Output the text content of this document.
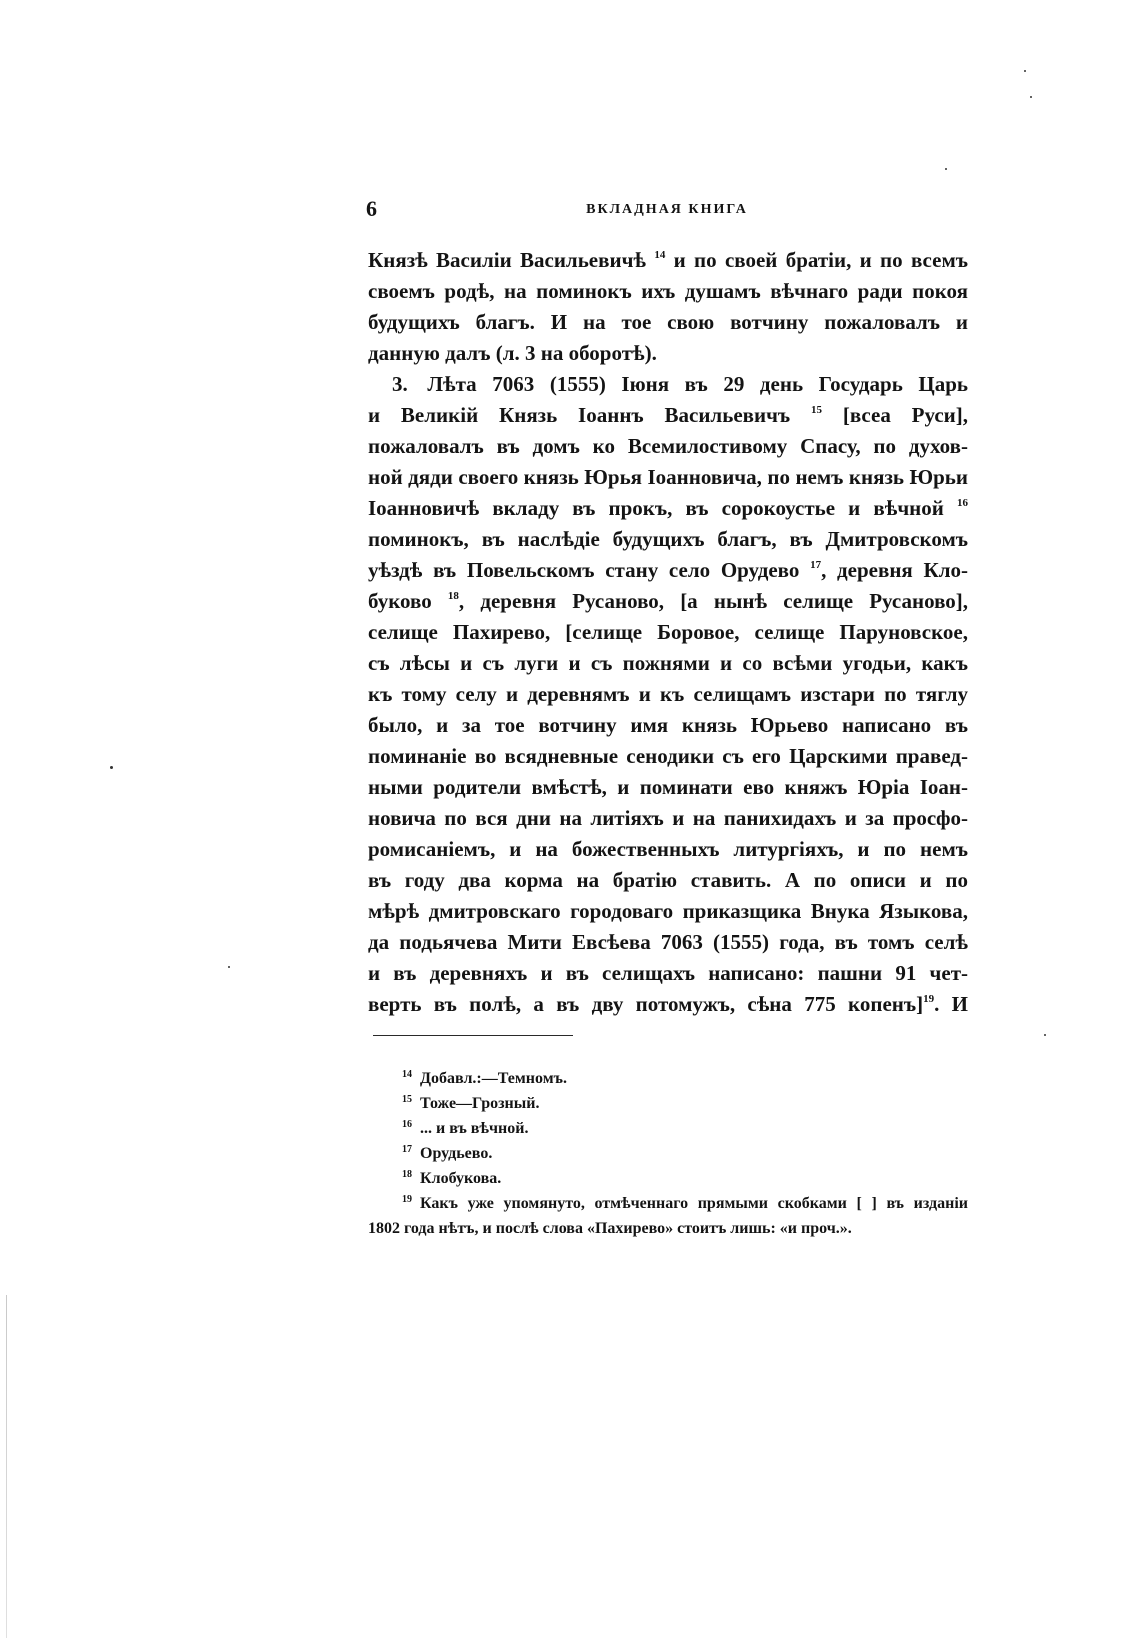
6	ВКЛАДНАЯ КНИГА
Князѣ Василіи Васильевичѣ $^{14}$ и по своей братіи, и по всемъ
своемъ родѣ, на поминокъ ихъ душамъ вѣчнаго ради покоя
будущихъ благъ. И на тое свою вотчину пожаловалъ и
данную далъ (л. 3 на оборотѣ).
3. Лѣта 7063 (1555) Іюня въ 29 день Государь Царь
и Великій Князь Іоаннъ Васильевичъ $^{15}$ [всеа Руси],
пожаловалъ въ домъ ко Всемилостивому Спасу, по духов-
ной дяди своего князь Юрья Іоанновича, по немъ князь Юрьи
Іоанновичѣ вкладу въ прокъ, въ сорокоустье и вѣчной $^{16}$
поминокъ, въ наслѣдіе будущихъ благъ, въ Дмитровскомъ
уѣздѣ въ Повельскомъ стану село Орудево $^{17}$, деревня Кло-
буково $^{18}$, деревня Русаново, [а нынѣ селище Русаново],
селище Пахирево, [селище Боровое, селище Паруновское,
съ лѣсы и съ луги и съ пожнями и со всѣми угодьи, какъ
къ тому селу и деревнямъ и къ селищамъ изстари по тяглу
было, и за тое вотчину имя князь Юрьево написано въ
поминаніе во всядневные сенодики съ его Царскими правед-
ными родители вмѣстѣ, и поминати ево княжъ Юріа Іоан-
новича по вся дни на литіяхъ и на панихидахъ и за просфо-
ромисаніемъ, и на божественныхъ литургіяхъ, и по немъ
въ году два корма на братію ставить. А по описи и по
мѣрѣ дмитровскаго городоваго приказщика Внука Языкова,
да подьячева Мити Евсѣева 7063 (1555) года, въ томъ селѣ
и въ деревняхъ и въ селищахъ написано: пашни 91 чет-
верть въ полѣ, а въ дву потомужъ, сѣна 775 копенъ]$^{19}$. И
$^{14}$ Добавл.:—Темномъ.
$^{15}$ Тоже—Грозный.
$^{16}$ ... и въ вѣчной.
$^{17}$ Орудьево.
$^{18}$ Клобукова.
$^{19}$ Какъ уже упомянуто, отмѣченнаго прямыми скобками [ ] въ изданіи
1802 года нѣтъ, и послѣ слова «Пахирево» стоитъ лишь: «и проч.».
